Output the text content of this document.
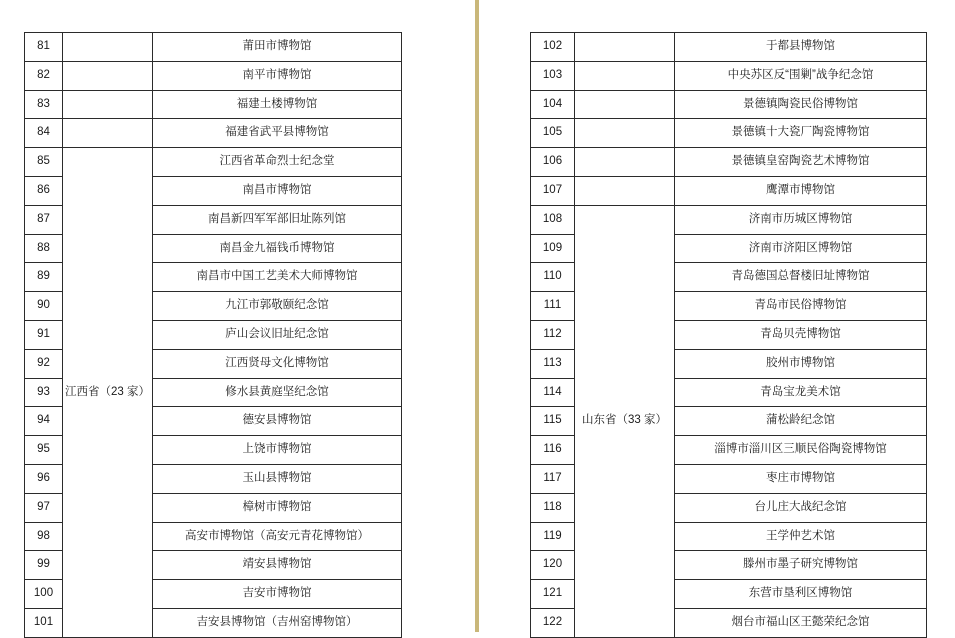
81		莆田市博物馆
82		南平市博物馆
83		福建土楼博物馆
84		福建省武平县博物馆
85	江西省（23 家）	江西省革命烈士纪念堂
86		南昌市博物馆
87		南昌新四军军部旧址陈列馆
88		南昌金九福钱币博物馆
89		南昌市中国工艺美术大师博物馆
90		九江市郭敬颐纪念馆
91		庐山会议旧址纪念馆
92		江西贤母文化博物馆
93		修水县黄庭坚纪念馆
94		德安县博物馆
95		上饶市博物馆
96		玉山县博物馆
97		樟树市博物馆
98		高安市博物馆（高安元青花博物馆）
99		靖安县博物馆
100		吉安市博物馆
101		吉安县博物馆（吉州窑博物馆）
102		于都县博物馆
103		中央苏区反“围剿”战争纪念馆
104		景德镇陶瓷民俗博物馆
105		景德镇十大瓷厂陶瓷博物馆
106		景德镇皇窑陶瓷艺术博物馆
107		鹰潭市博物馆
108	山东省（33 家）	济南市历城区博物馆
109		济南市济阳区博物馆
110		青岛德国总督楼旧址博物馆
111		青岛市民俗博物馆
112		青岛贝壳博物馆
113		胶州市博物馆
114		青岛宝龙美术馆
115		蒲松龄纪念馆
116		淄博市淄川区三顺民俗陶瓷博物馆
117		枣庄市博物馆
118		台儿庄大战纪念馆
119		王学仲艺术馆
120		滕州市墨子研究博物馆
121		东营市垦利区博物馆
122		烟台市福山区王懿荣纪念馆
